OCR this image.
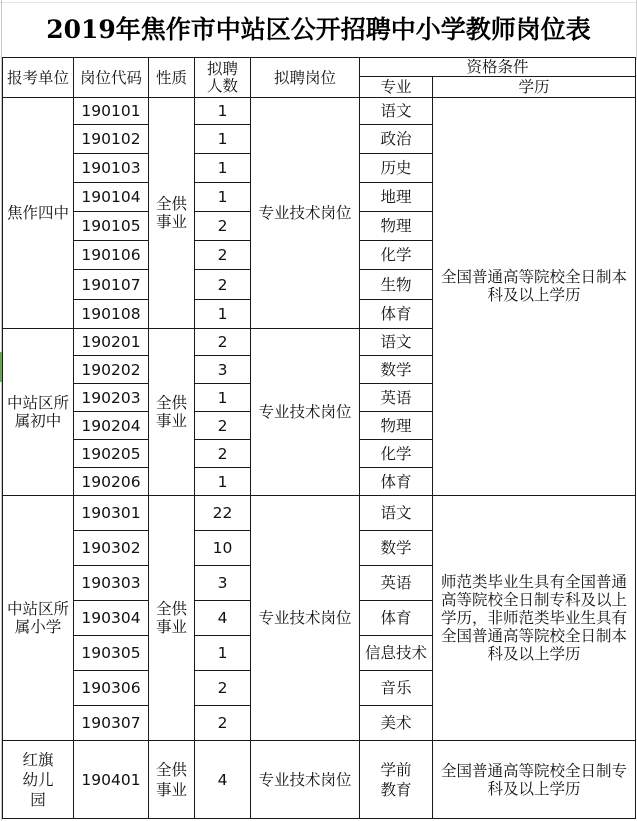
2019年焦作市中站区公开招聘中小学教师岗位表
报考单位	岗位代码	性质	拟聘人数	拟聘岗位	资格条件	
					专业	学历
焦作四中	190101	全供事业	1	专业技术岗位	语文	全国普通高等院校全日制本科及以上学历
	190102		1		政治	
	190103		1		历史	
	190104		1		地理	
	190105		2		物理	
	190106		2		化学	
	190107		2		生物	
	190108		1		体育	
中站区所属初中	190201	全供事业	2	专业技术岗位	语文	
	190202		3		数学	
	190203		1		英语	
	190204		2		物理	
	190205		2		化学	
	190206		1		体育	
中站区所属小学	190301	全供事业	22	专业技术岗位	语文	师范类毕业生具有全国普通高等院校全日制专科及以上学历，非师范类毕业生具有全国普通高等院校全日制本科及以上学历
	190302		10		数学	
	190303		3		英语	
	190304		4		体育	
	190305		1		信息技术	
	190306		2		音乐	
	190307		2		美术	
红旗幼儿园	190401	全供事业	4	专业技术岗位	学前教育	全国普通高等院校全日制专科及以上学历
